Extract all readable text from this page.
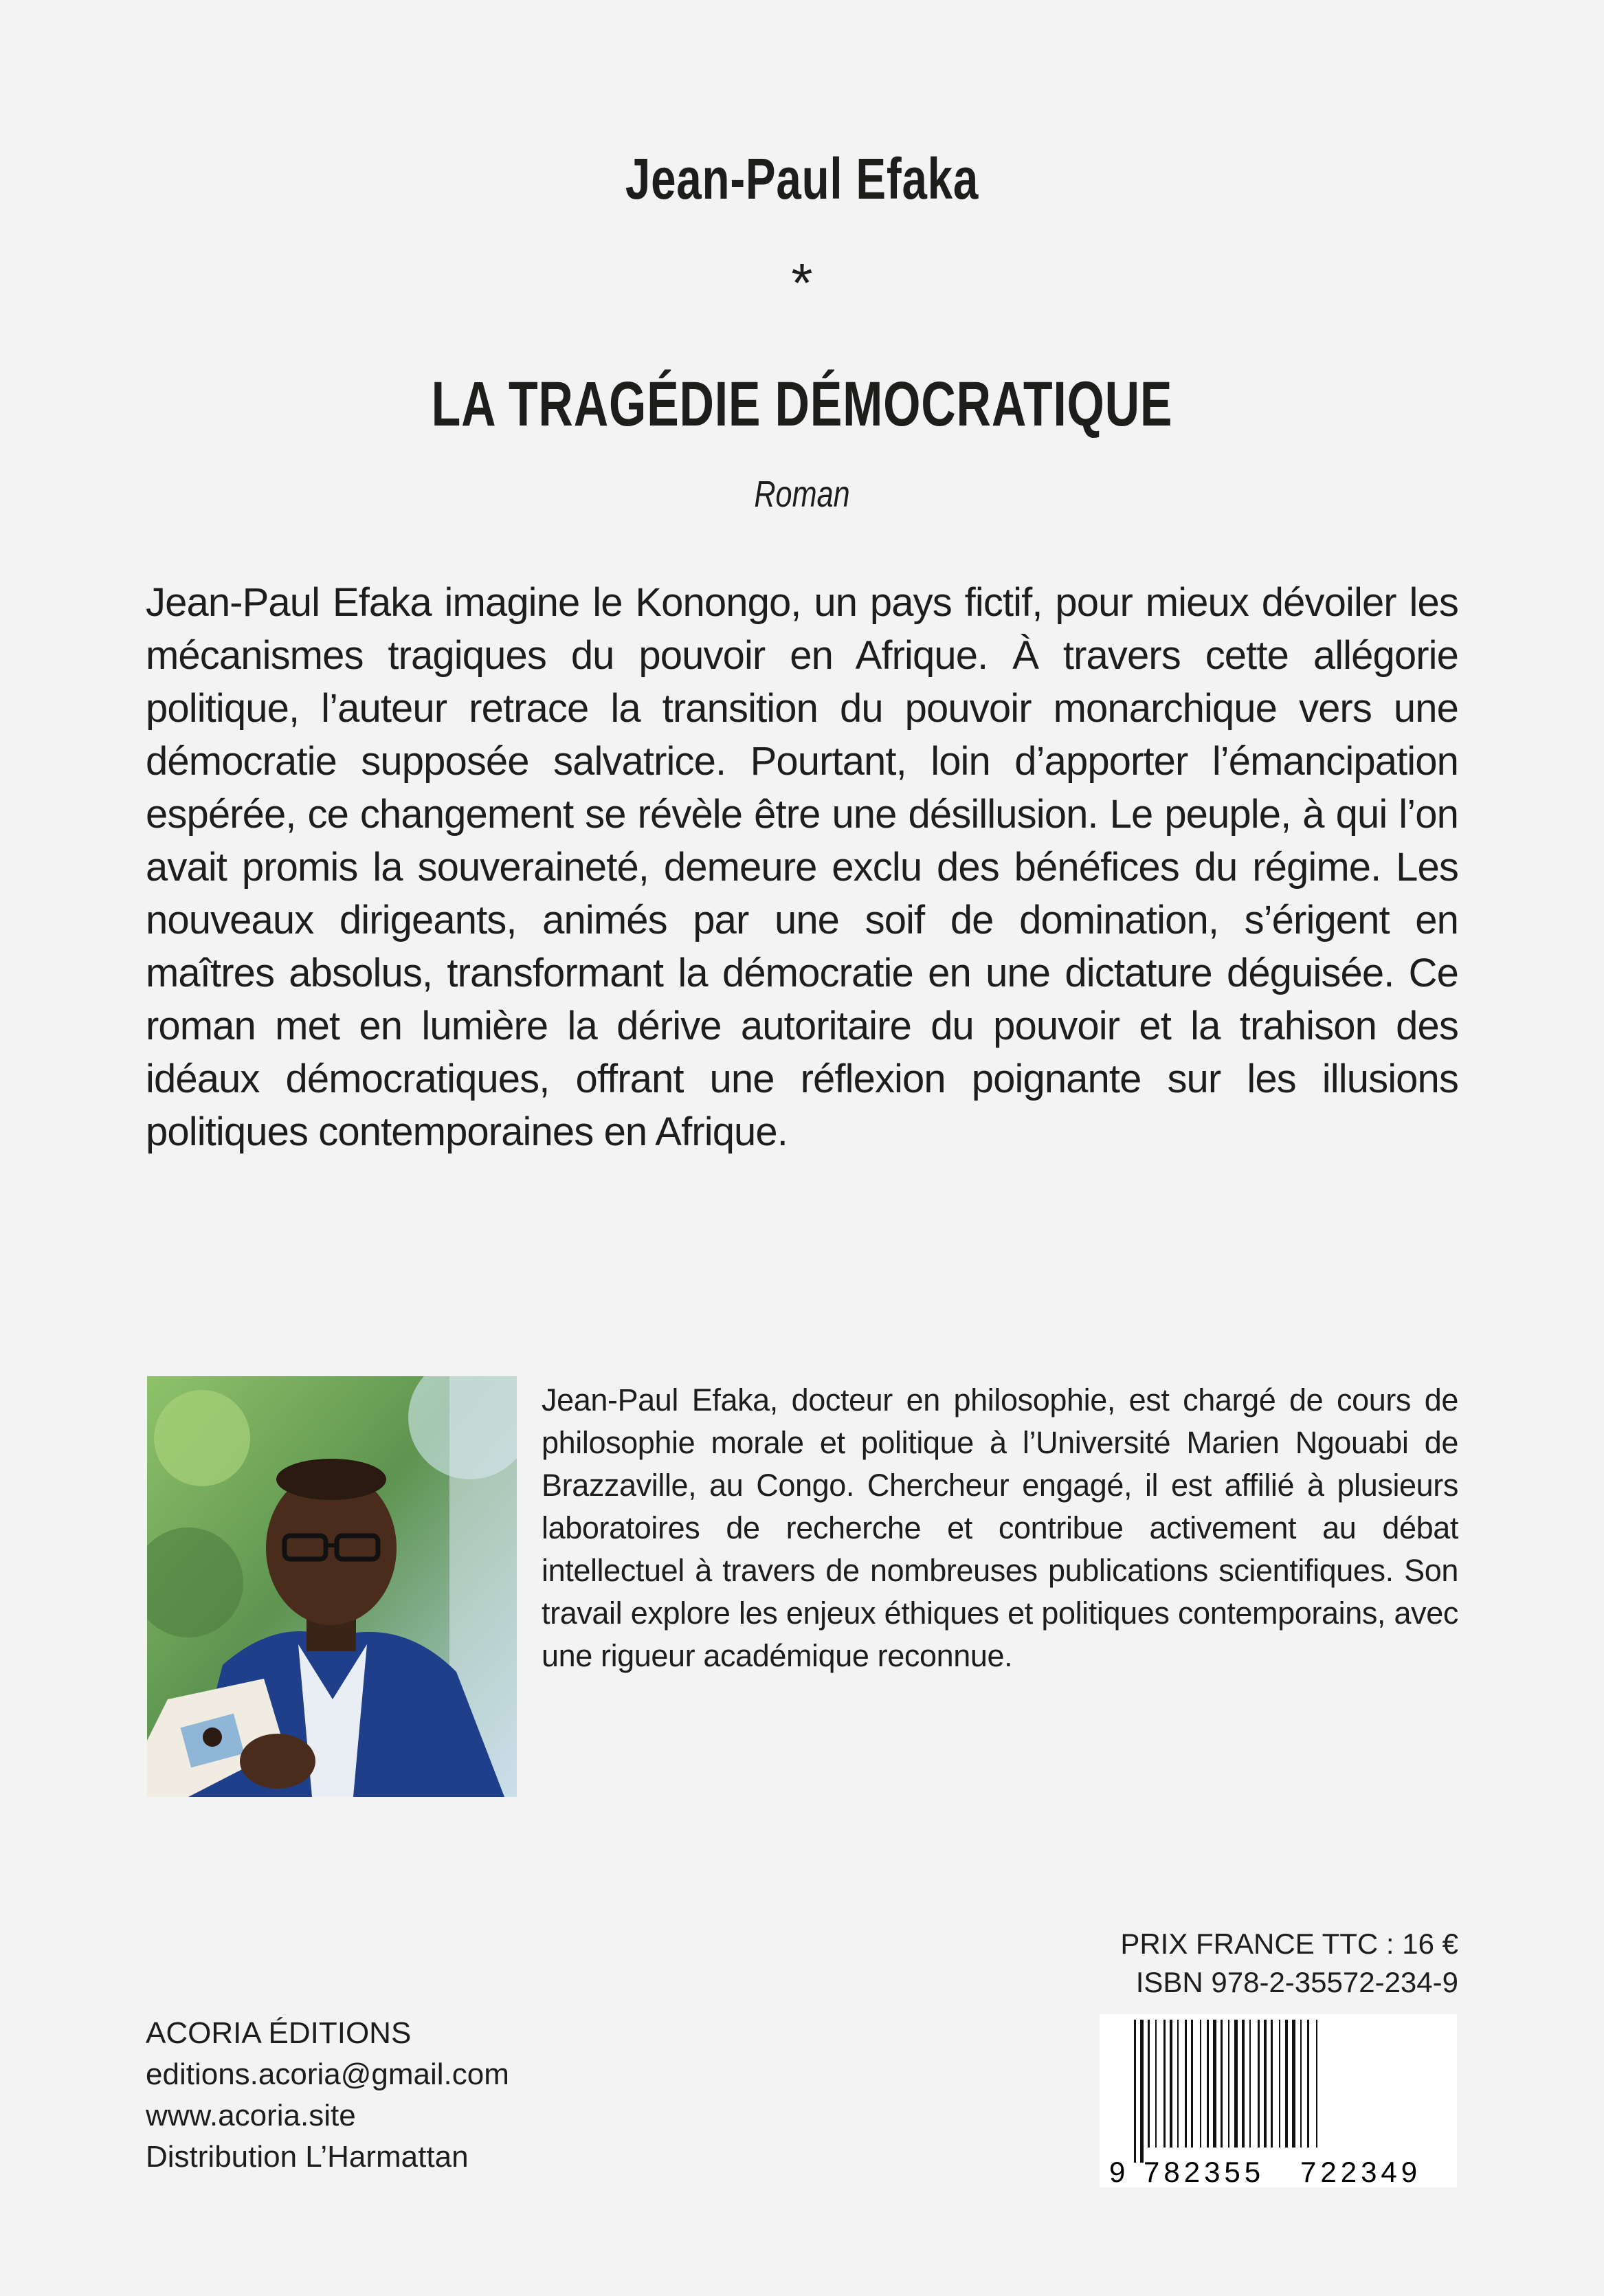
Jean-Paul Efaka
*
LA TRAGÉDIE DÉMOCRATIQUE
Roman

Jean-Paul Efaka imagine le Konongo, un pays fictif, pour mieux dévoiler les mécanismes tragiques du pouvoir en Afrique. À travers cette allégorie politique, l’auteur retrace la transition du pouvoir monarchique vers une démocratie supposée salvatrice. Pourtant, loin d’apporter l’émancipation espérée, ce changement se révèle être une désillusion. Le peuple, à qui l’on avait promis la souveraineté, demeure exclu des bénéfices du régime. Les nouveaux dirigeants, animés par une soif de domination, s’érigent en maîtres absolus, transformant la démocratie en une dictature déguisée. Ce roman met en lumière la dérive autoritaire du pouvoir et la trahison des idéaux démocratiques, offrant une réflexion poignante sur les illusions politiques contemporaines en Afrique.

Jean-Paul Efaka, docteur en philosophie, est chargé de cours de philosophie morale et politique à l’Université Marien Ngouabi de Brazzaville, au Congo. Chercheur engagé, il est affilié à plusieurs laboratoires de recherche et contribue activement au débat intellectuel à travers de nombreuses publications scientifiques. Son travail explore les enjeux éthiques et politiques contemporains, avec une rigueur académique reconnue.

ACORIA ÉDITIONS
editions.acoria@gmail.com
www.acoria.site
Distribution L’Harmattan
PRIX FRANCE TTC : 16 €
ISBN 978-2-35572-234-9
9 782355 722349
